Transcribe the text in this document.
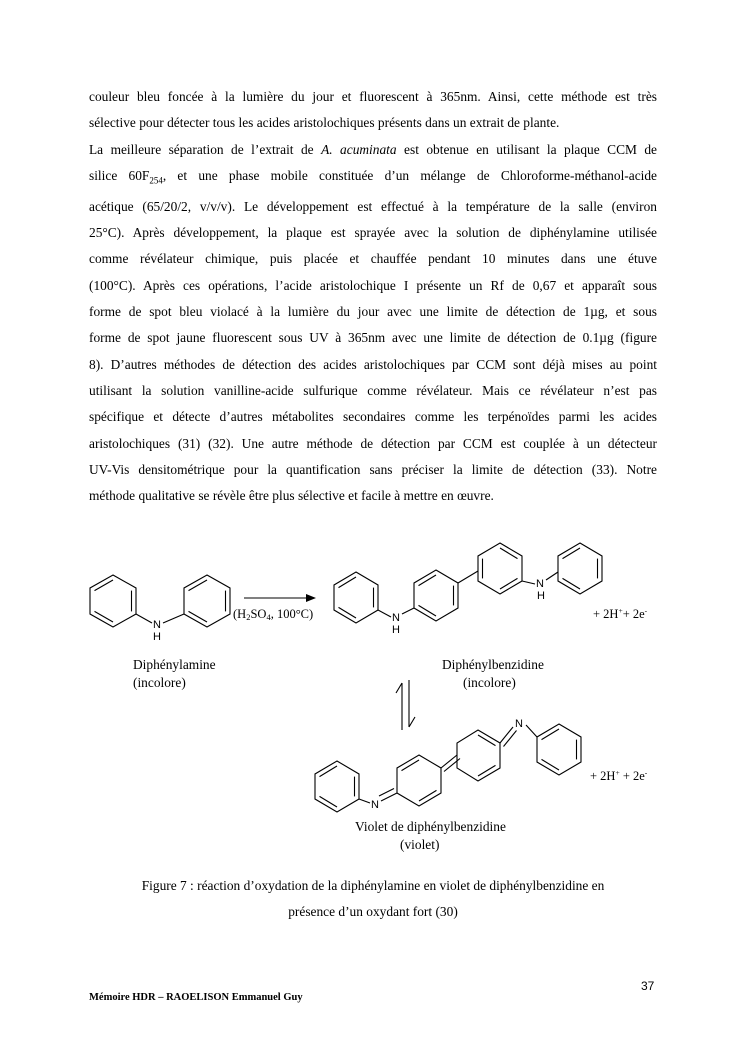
couleur bleu foncée à la lumière du jour et fluorescent à 365nm. Ainsi, cette méthode est très
sélective pour détecter tous les acides aristolochiques présents dans un extrait de plante.
La meilleure séparation de l’extrait de A. acuminata est obtenue en utilisant la plaque CCM de
silice $60F_{254}$, et une phase mobile constituée d’un mélange de Chloroforme-méthanol-acide
acétique (65/20/2, v/v/v). Le développement est effectué à la température de la salle (environ
25°C). Après développement, la plaque est sprayée avec la solution de diphénylamine utilisée
comme révélateur chimique, puis placée et chauffée pendant 10 minutes dans une étuve
(100°C). Après ces opérations, l’acide aristolochique I présente un Rf de 0,67 et apparaît sous
forme de spot bleu violacé à la lumière du jour avec une limite de détection de 1µg, et sous
forme de spot jaune fluorescent sous UV à 365nm avec une limite de détection de 0.1µg (figure
8). D’autres méthodes de détection des acides aristolochiques par CCM sont déjà mises au point
utilisant la solution vanilline-acide sulfurique comme révélateur. Mais ce révélateur n’est pas
spécifique et détecte d’autres métabolites secondaires comme les terpénoïdes parmi les acides
aristolochiques (31) (32). Une autre méthode de détection par CCM est couplée à un détecteur
UV-Vis densitométrique pour la quantification sans préciser la limite de détection (33). Notre
méthode qualitative se révèle être plus sélective et facile à mettre en œuvre.
N
H
N
H
N
H
N
N
(H2SO4, 100°C)	+ 2H++ 2e-
+ 2H+ + 2e-
Diphénylamine
(incolore)
Diphénylbenzidine
(incolore)
Violet de diphénylbenzidine
(violet)
Figure 7 : réaction d’oxydation de la diphénylamine en violet de diphénylbenzidine en
présence d’un oxydant fort (30)
37
Mémoire HDR – RAOELISON Emmanuel Guy
